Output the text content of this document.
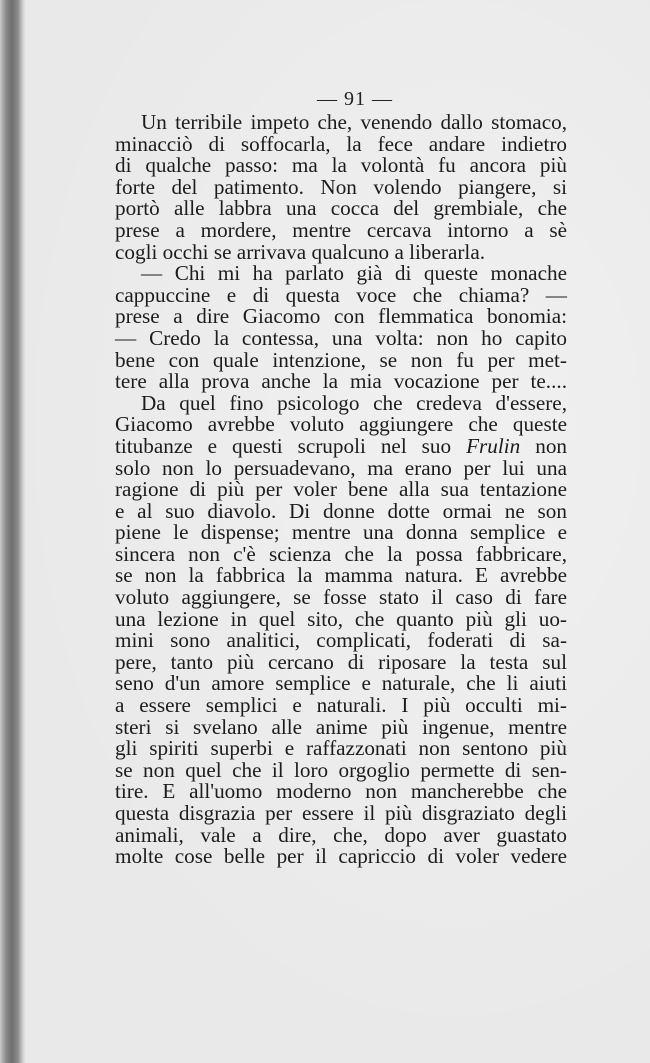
— 91 —
Un terribile impeto che, venendo dallo stomaco,
minacciò di soffocarla, la fece andare indietro
di qualche passo: ma la volontà fu ancora più
forte del patimento. Non volendo piangere, si
portò alle labbra una cocca del grembiale, che
prese a mordere, mentre cercava intorno a sè
cogli occhi se arrivava qualcuno a liberarla.
— Chi mi ha parlato già di queste monache
cappuccine e di questa voce che chiama? —
prese a dire Giacomo con flemmatica bonomia:
— Credo la contessa, una volta: non ho capito
bene con quale intenzione, se non fu per met-
tere alla prova anche la mia vocazione per te....
Da quel fino psicologo che credeva d'essere,
Giacomo avrebbe voluto aggiungere che queste
titubanze e questi scrupoli nel suo Frulin non
solo non lo persuadevano, ma erano per lui una
ragione di più per voler bene alla sua tentazione
e al suo diavolo. Di donne dotte ormai ne son
piene le dispense; mentre una donna semplice e
sincera non c'è scienza che la possa fabbricare,
se non la fabbrica la mamma natura. E avrebbe
voluto aggiungere, se fosse stato il caso di fare
una lezione in quel sito, che quanto più gli uo-
mini sono analitici, complicati, foderati di sa-
pere, tanto più cercano di riposare la testa sul
seno d'un amore semplice e naturale, che li aiuti
a essere semplici e naturali. I più occulti mi-
steri si svelano alle anime più ingenue, mentre
gli spiriti superbi e raffazzonati non sentono più
se non quel che il loro orgoglio permette di sen-
tire. E all'uomo moderno non mancherebbe che
questa disgrazia per essere il più disgraziato degli
animali, vale a dire, che, dopo aver guastato
molte cose belle per il capriccio di voler vedere
